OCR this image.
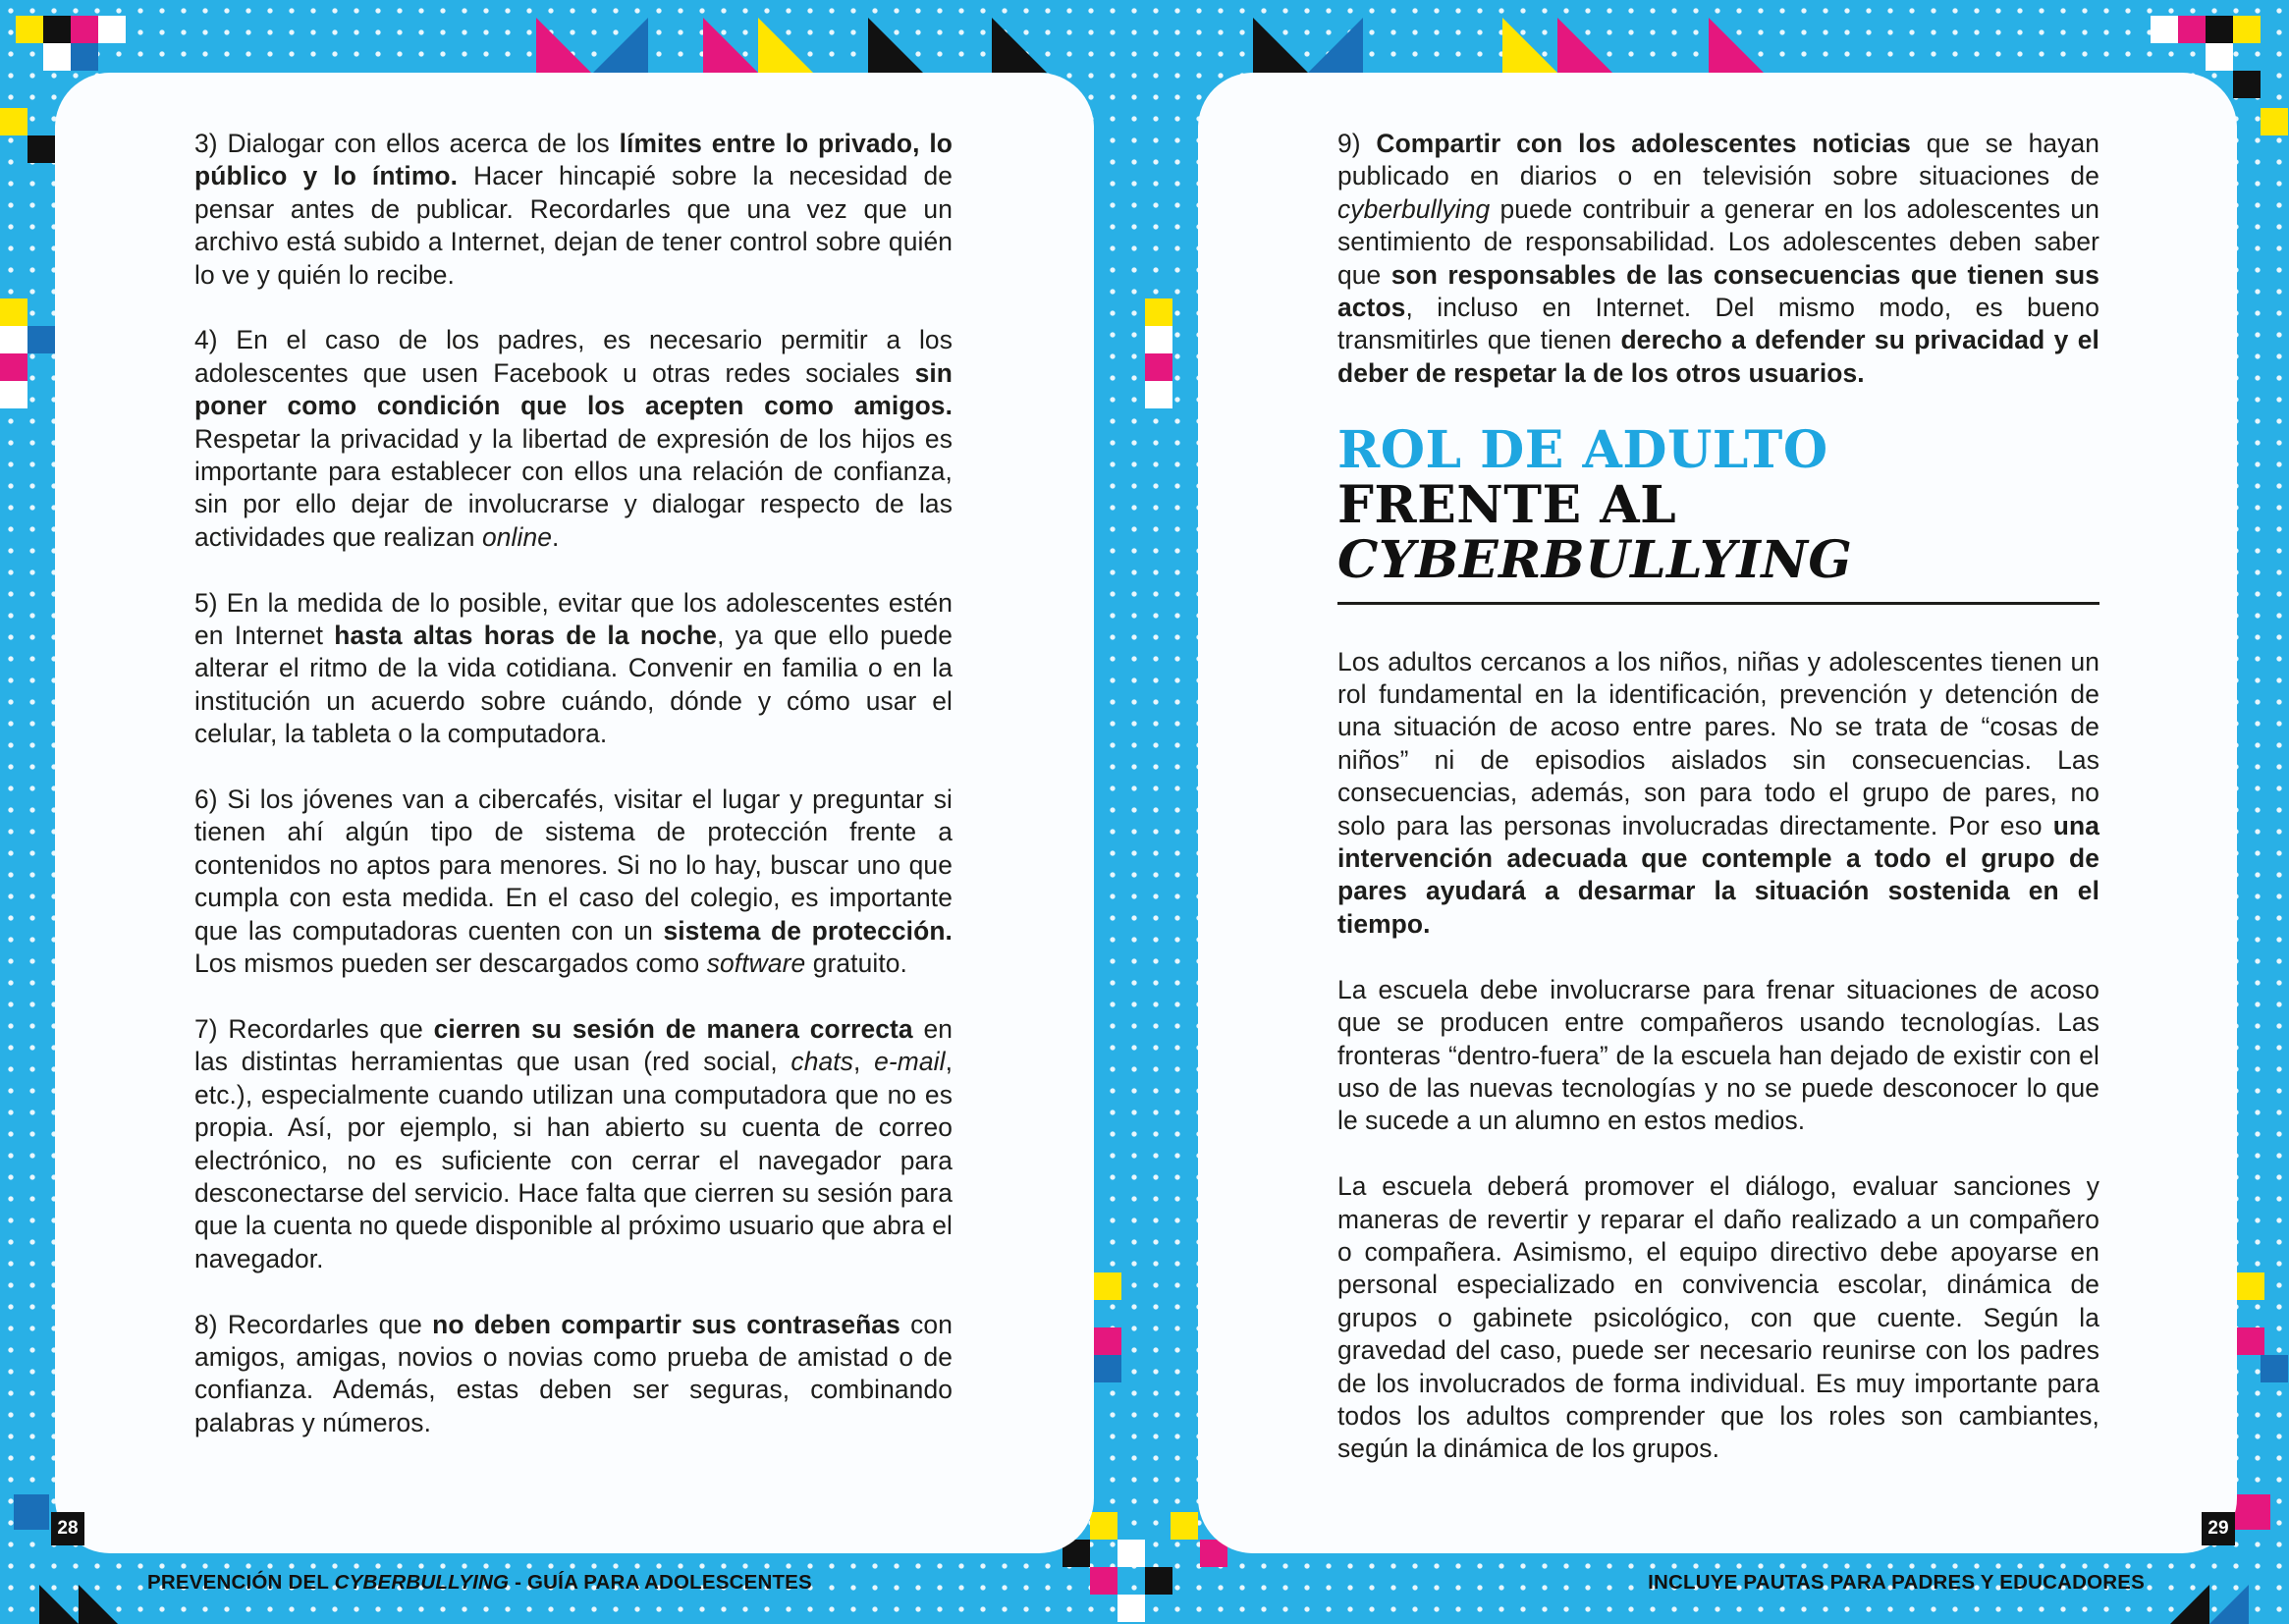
3) Dialogar con ellos acerca de los límites entre lo privado, lo público y lo íntimo. Hacer hincapié sobre la necesidad de pensar antes de publicar. Recordarles que una vez que un archivo está subido a Internet, dejan de tener control sobre quién lo ve y quién lo recibe.

4) En el caso de los padres, es necesario permitir a los adolescentes que usen Facebook u otras redes sociales sin poner como condición que los acepten como amigos. Respetar la privacidad y la libertad de expresión de los hijos es importante para establecer con ellos una relación de confianza, sin por ello dejar de involucrarse y dialogar respecto de las actividades que realizan online.

5) En la medida de lo posible, evitar que los adolescentes estén en Internet hasta altas horas de la noche, ya que ello puede alterar el ritmo de la vida cotidiana. Convenir en familia o en la institución un acuerdo sobre cuándo, dónde y cómo usar el celular, la tableta o la computadora.

6) Si los jóvenes van a cibercafés, visitar el lugar y preguntar si tienen ahí algún tipo de sistema de protección frente a contenidos no aptos para menores. Si no lo hay, buscar uno que cumpla con esta medida. En el caso del colegio, es importante que las computadoras cuenten con un sistema de protección. Los mismos pueden ser descargados como software gratuito.

7) Recordarles que cierren su sesión de manera correcta en las distintas herramientas que usan (red social, chats, e-mail, etc.), especialmente cuando utilizan una computadora que no es propia. Así, por ejemplo, si han abierto su cuenta de correo electrónico, no es suficiente con cerrar el navegador para desconectarse del servicio. Hace falta que cierren su sesión para que la cuenta no quede disponible al próximo usuario que abra el navegador.

8) Recordarles que no deben compartir sus contraseñas con amigos, amigas, novios o novias como prueba de amistad o de confianza. Además, estas deben ser seguras, combinando palabras y números.

PREVENCIÓN DEL CYBERBULLYING - GUÍA PARA ADOLESCENTES
28

9) Compartir con los adolescentes noticias que se hayan publicado en diarios o en televisión sobre situaciones de cyberbullying puede contribuir a generar en los adolescentes un sentimiento de responsabilidad. Los adolescentes deben saber que son responsables de las consecuencias que tienen sus actos, incluso en Internet. Del mismo modo, es bueno transmitirles que tienen derecho a defender su privacidad y el deber de respetar la de los otros usuarios.

ROL DE ADULTO
FRENTE AL CYBERBULLYING

Los adultos cercanos a los niños, niñas y adolescentes tienen un rol fundamental en la identificación, prevención y detención de una situación de acoso entre pares. No se trata de “cosas de niños” ni de episodios aislados sin consecuencias. Las consecuencias, además, son para todo el grupo de pares, no solo para las personas involucradas directamente. Por eso una intervención adecuada que contemple a todo el grupo de pares ayudará a desarmar la situación sostenida en el tiempo.

La escuela debe involucrarse para frenar situaciones de acoso que se producen entre compañeros usando tecnologías. Las fronteras “dentro-fuera” de la escuela han dejado de existir con el uso de las nuevas tecnologías y no se puede desconocer lo que le sucede a un alumno en estos medios.

La escuela deberá promover el diálogo, evaluar sanciones y maneras de revertir y reparar el daño realizado a un compañero o compañera. Asimismo, el equipo directivo debe apoyarse en personal especializado en convivencia escolar, dinámica de grupos o gabinete psicológico, con que cuente. Según la gravedad del caso, puede ser necesario reunirse con los padres de los involucrados de forma individual. Es muy importante para todos los adultos comprender que los roles son cambiantes, según la dinámica de los grupos.

INCLUYE PAUTAS PARA PADRES Y EDUCADORES
29
